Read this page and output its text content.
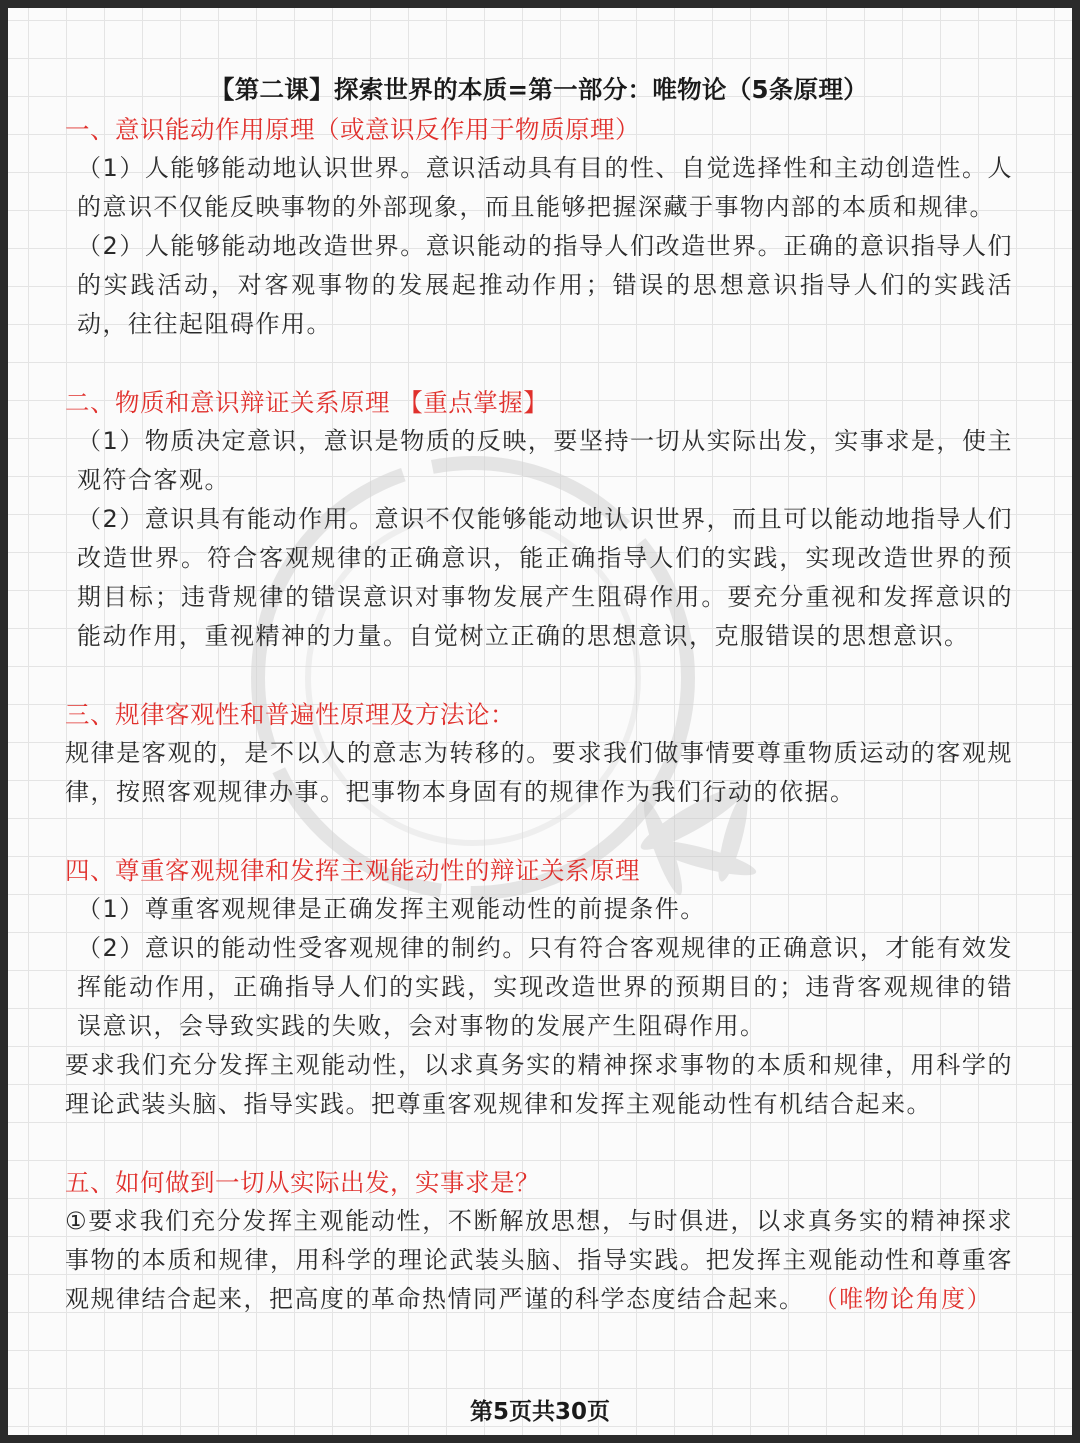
【第二课】探索世界的本质=第一部分：唯物论（5条原理）

一、意识能动作用原理（或意识反作用于物质原理）

（1）人能够能动地认识世界。意识活动具有目的性、自觉选择性和主动创造性。人的意识不仅能反映事物的外部现象，而且能够把握深藏于事物内部的本质和规律。

（2）人能够能动地改造世界。意识能动的指导人们改造世界。正确的意识指导人们的实践活动，对客观事物的发展起推动作用；错误的思想意识指导人们的实践活动，往往起阻碍作用。

二、物质和意识辩证关系原理 【重点掌握】

（1）物质决定意识，意识是物质的反映，要坚持一切从实际出发，实事求是，使主观符合客观。

（2）意识具有能动作用。意识不仅能够能动地认识世界，而且可以能动地指导人们改造世界。符合客观规律的正确意识，能正确指导人们的实践，实现改造世界的预期目标；违背规律的错误意识对事物发展产生阻碍作用。要充分重视和发挥意识的能动作用，重视精神的力量。自觉树立正确的思想意识，克服错误的思想意识。

三、规律客观性和普遍性原理及方法论：

规律是客观的，是不以人的意志为转移的。要求我们做事情要尊重物质运动的客观规律，按照客观规律办事。把事物本身固有的规律作为我们行动的依据。

四、尊重客观规律和发挥主观能动性的辩证关系原理

（1）尊重客观规律是正确发挥主观能动性的前提条件。

（2）意识的能动性受客观规律的制约。只有符合客观规律的正确意识，才能有效发挥能动作用，正确指导人们的实践，实现改造世界的预期目的；违背客观规律的错误意识，会导致实践的失败，会对事物的发展产生阻碍作用。

要求我们充分发挥主观能动性，以求真务实的精神探求事物的本质和规律，用科学的理论武装头脑、指导实践。把尊重客观规律和发挥主观能动性有机结合起来。

五、如何做到一切从实际出发，实事求是？

①要求我们充分发挥主观能动性，不断解放思想，与时俱进，以求真务实的精神探求事物的本质和规律，用科学的理论武装头脑、指导实践。把发挥主观能动性和尊重客观规律结合起来，把高度的革命热情同严谨的科学态度结合起来。 （唯物论角度）

第5页共30页
